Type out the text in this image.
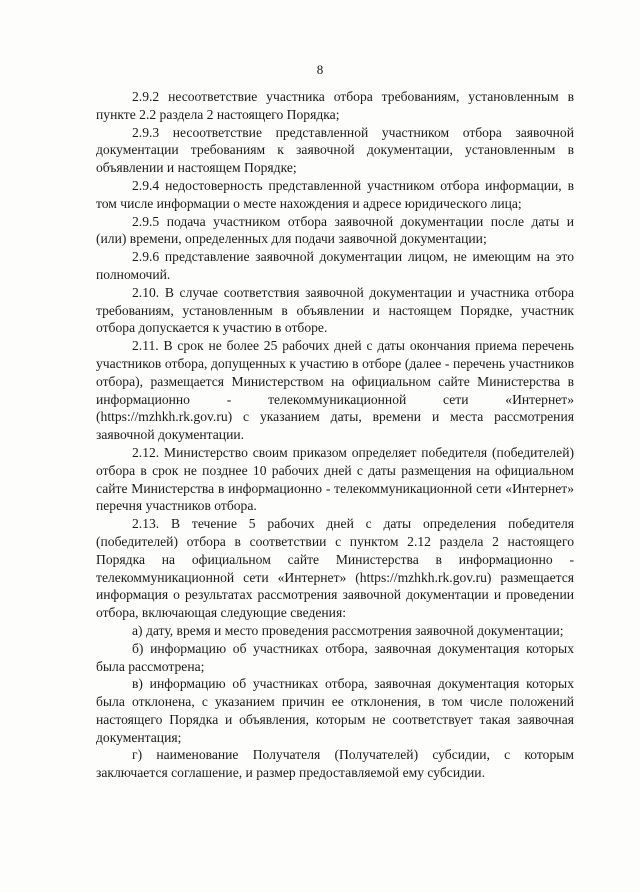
8

2.9.2 несоответствие участника отбора требованиям, установленным в пункте 2.2 раздела 2 настоящего Порядка;

2.9.3 несоответствие представленной участником отбора заявочной документации требованиям к заявочной документации, установленным в объявлении и настоящем Порядке;

2.9.4 недостоверность представленной участником отбора информации, в том числе информации о месте нахождения и адресе юридического лица;

2.9.5 подача участником отбора заявочной документации после даты и (или) времени, определенных для подачи заявочной документации;

2.9.6 представление заявочной документации лицом, не имеющим на это полномочий.

2.10. В случае соответствия заявочной документации и участника отбора требованиям, установленным в объявлении и настоящем Порядке, участник отбора допускается к участию в отборе.

2.11. В срок не более 25 рабочих дней с даты окончания приема перечень участников отбора, допущенных к участию в отборе (далее - перечень участников отбора), размещается Министерством на официальном сайте Министерства в информационно - телекоммуникационной сети «Интернет» (https://mzhkh.rk.gov.ru) с указанием даты, времени и места рассмотрения заявочной документации.

2.12. Министерство своим приказом определяет победителя (победителей) отбора в срок не позднее 10 рабочих дней с даты размещения на официальном сайте Министерства в информационно - телекоммуникационной сети «Интернет» перечня участников отбора.

2.13. В течение 5 рабочих дней с даты определения победителя (победителей) отбора в соответствии с пунктом 2.12 раздела 2 настоящего Порядка на официальном сайте Министерства в информационно - телекоммуникационной сети «Интернет» (https://mzhkh.rk.gov.ru) размещается информация о результатах рассмотрения заявочной документации и проведении отбора, включающая следующие сведения:

а) дату, время и место проведения рассмотрения заявочной документации;

б) информацию об участниках отбора, заявочная документация которых была рассмотрена;

в) информацию об участниках отбора, заявочная документация которых была отклонена, с указанием причин ее отклонения, в том числе положений настоящего Порядка и объявления, которым не соответствует такая заявочная документация;

г) наименование Получателя (Получателей) субсидии, с которым заключается соглашение, и размер предоставляемой ему субсидии.
